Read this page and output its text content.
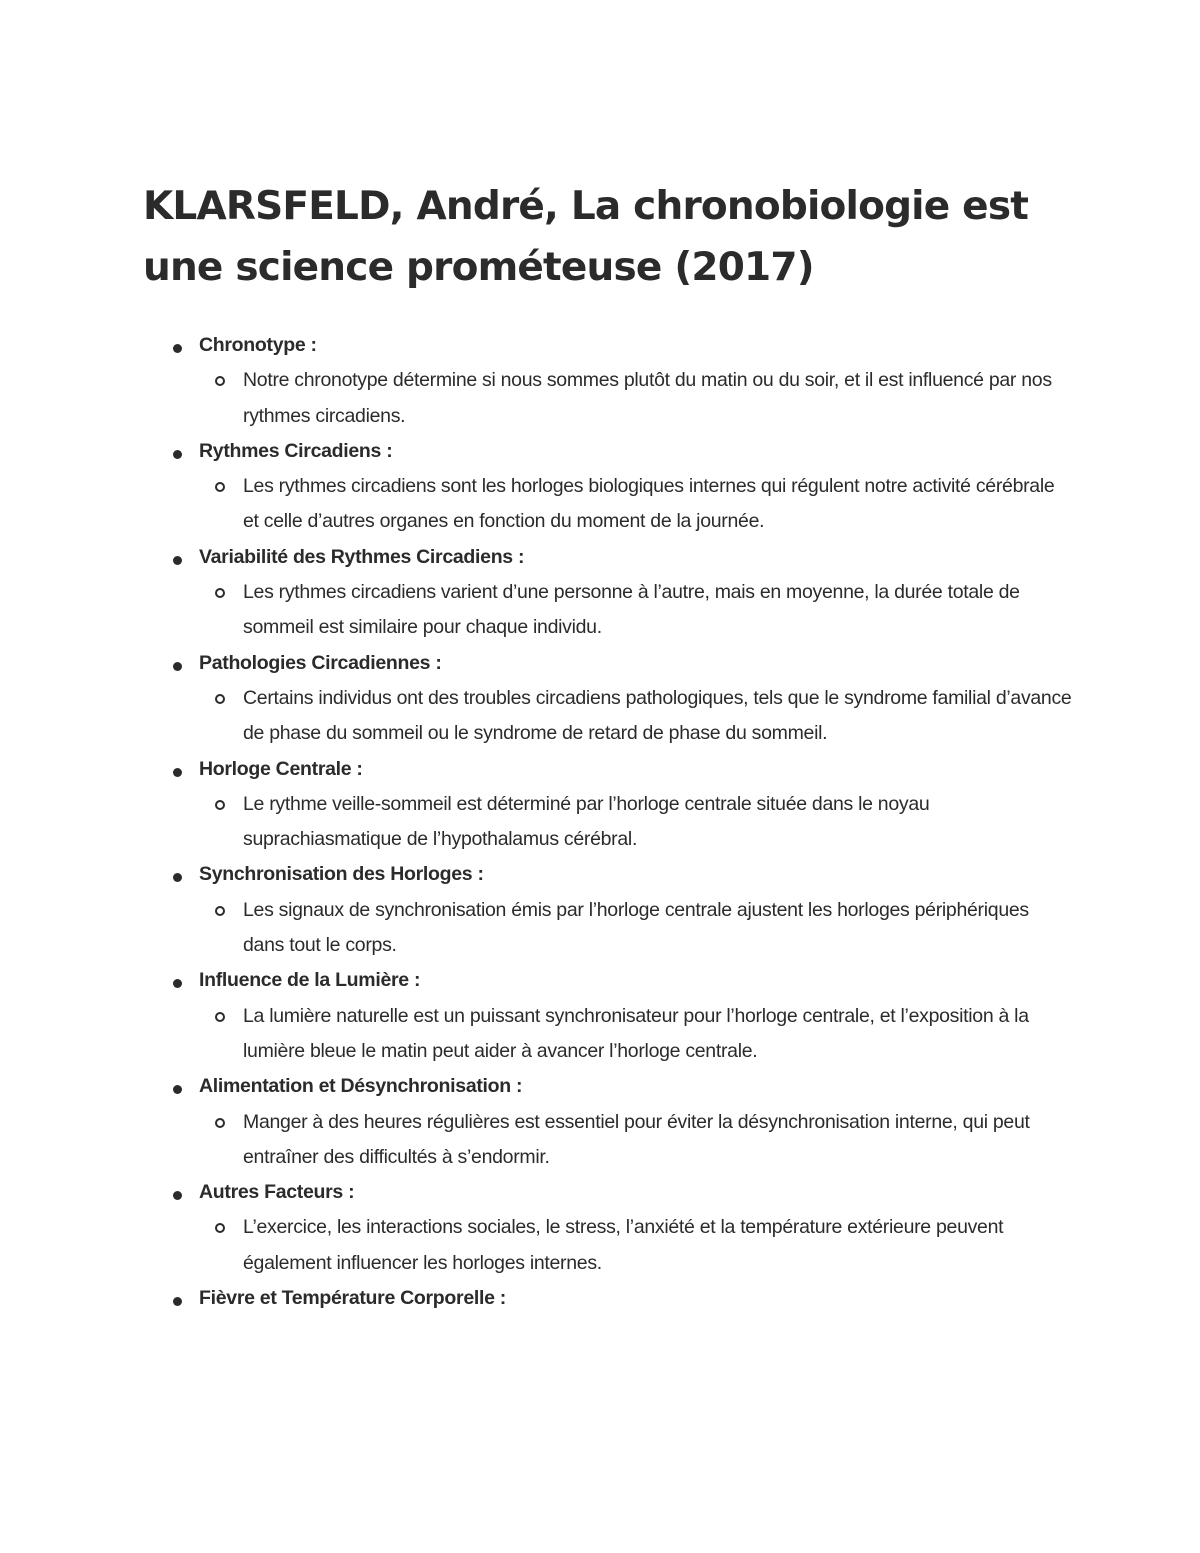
KLARSFELD, André, La chronobiologie est une science prométeuse (2017)
Chronotype :
Notre chronotype détermine si nous sommes plutôt du matin ou du soir, et il est influencé par nos rythmes circadiens.
Rythmes Circadiens :
Les rythmes circadiens sont les horloges biologiques internes qui régulent notre activité cérébrale et celle d’autres organes en fonction du moment de la journée.
Variabilité des Rythmes Circadiens :
Les rythmes circadiens varient d’une personne à l’autre, mais en moyenne, la durée totale de sommeil est similaire pour chaque individu.
Pathologies Circadiennes :
Certains individus ont des troubles circadiens pathologiques, tels que le syndrome familial d’avance de phase du sommeil ou le syndrome de retard de phase du sommeil.
Horloge Centrale :
Le rythme veille-sommeil est déterminé par l’horloge centrale située dans le noyau suprachiasmatique de l’hypothalamus cérébral.
Synchronisation des Horloges :
Les signaux de synchronisation émis par l’horloge centrale ajustent les horloges périphériques dans tout le corps.
Influence de la Lumière :
La lumière naturelle est un puissant synchronisateur pour l’horloge centrale, et l’exposition à la lumière bleue le matin peut aider à avancer l’horloge centrale.
Alimentation et Désynchronisation :
Manger à des heures régulières est essentiel pour éviter la désynchronisation interne, qui peut entraîner des difficultés à s’endormir.
Autres Facteurs :
L’exercice, les interactions sociales, le stress, l’anxiété et la température extérieure peuvent également influencer les horloges internes.
Fièvre et Température Corporelle :
